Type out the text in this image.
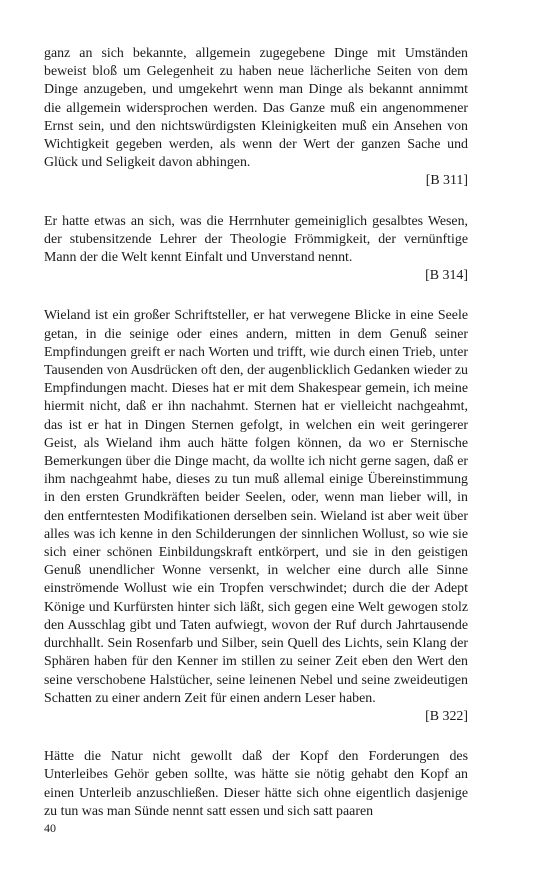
ganz an sich bekannte, allgemein zugegebene Dinge mit Umständen beweist bloß um Gelegenheit zu haben neue lächerliche Seiten von dem Dinge anzugeben, und umgekehrt wenn man Dinge als bekannt annimmt die allgemein widersprochen werden. Das Ganze muß ein angenommener Ernst sein, und den nichtswürdigsten Kleinigkeiten muß ein Ansehen von Wichtigkeit gegeben werden, als wenn der Wert der ganzen Sache und Glück und Seligkeit davon abhingen.

[B 311]

Er hatte etwas an sich, was die Herrnhuter gemeiniglich gesalbtes Wesen, der stubensitzende Lehrer der Theologie Frömmigkeit, der vernünftige Mann der die Welt kennt Einfalt und Unverstand nennt.

[B 314]

Wieland ist ein großer Schriftsteller, er hat verwegene Blicke in eine Seele getan, in die seinige oder eines andern, mitten in dem Genuß seiner Empfindungen greift er nach Worten und trifft, wie durch einen Trieb, unter Tausenden von Ausdrücken oft den, der augenblicklich Gedanken wieder zu Empfindungen macht. Dieses hat er mit dem Shakespear gemein, ich meine hiermit nicht, daß er ihn nachahmt. Sternen hat er vielleicht nachgeahmt, das ist er hat in Dingen Sternen gefolgt, in welchen ein weit geringerer Geist, als Wieland ihm auch hätte folgen können, da wo er Sternische Bemerkungen über die Dinge macht, da wollte ich nicht gerne sagen, daß er ihm nachgeahmt habe, dieses zu tun muß allemal einige Übereinstimmung in den ersten Grundkräften beider Seelen, oder, wenn man lieber will, in den entferntesten Modifikationen derselben sein. Wieland ist aber weit über alles was ich kenne in den Schilderungen der sinnlichen Wollust, so wie sie sich einer schönen Einbildungskraft entkörpert, und sie in den geistigen Genuß unendlicher Wonne versenkt, in welcher eine durch alle Sinne einströmende Wollust wie ein Tropfen verschwindet; durch die der Adept Könige und Kurfürsten hinter sich läßt, sich gegen eine Welt gewogen stolz den Ausschlag gibt und Taten aufwiegt, wovon der Ruf durch Jahrtausende durchhallt. Sein Rosenfarb und Silber, sein Quell des Lichts, sein Klang der Sphären haben für den Kenner im stillen zu seiner Zeit eben den Wert den seine verschobene Halstücher, seine leinenen Nebel und seine zweideutigen Schatten zu einer andern Zeit für einen andern Leser haben.

[B 322]

Hätte die Natur nicht gewollt daß der Kopf den Forderungen des Unterleibes Gehör geben sollte, was hätte sie nötig gehabt den Kopf an einen Unterleib anzuschließen. Dieser hätte sich ohne eigentlich dasjenige zu tun was man Sünde nennt satt essen und sich satt paaren

40
